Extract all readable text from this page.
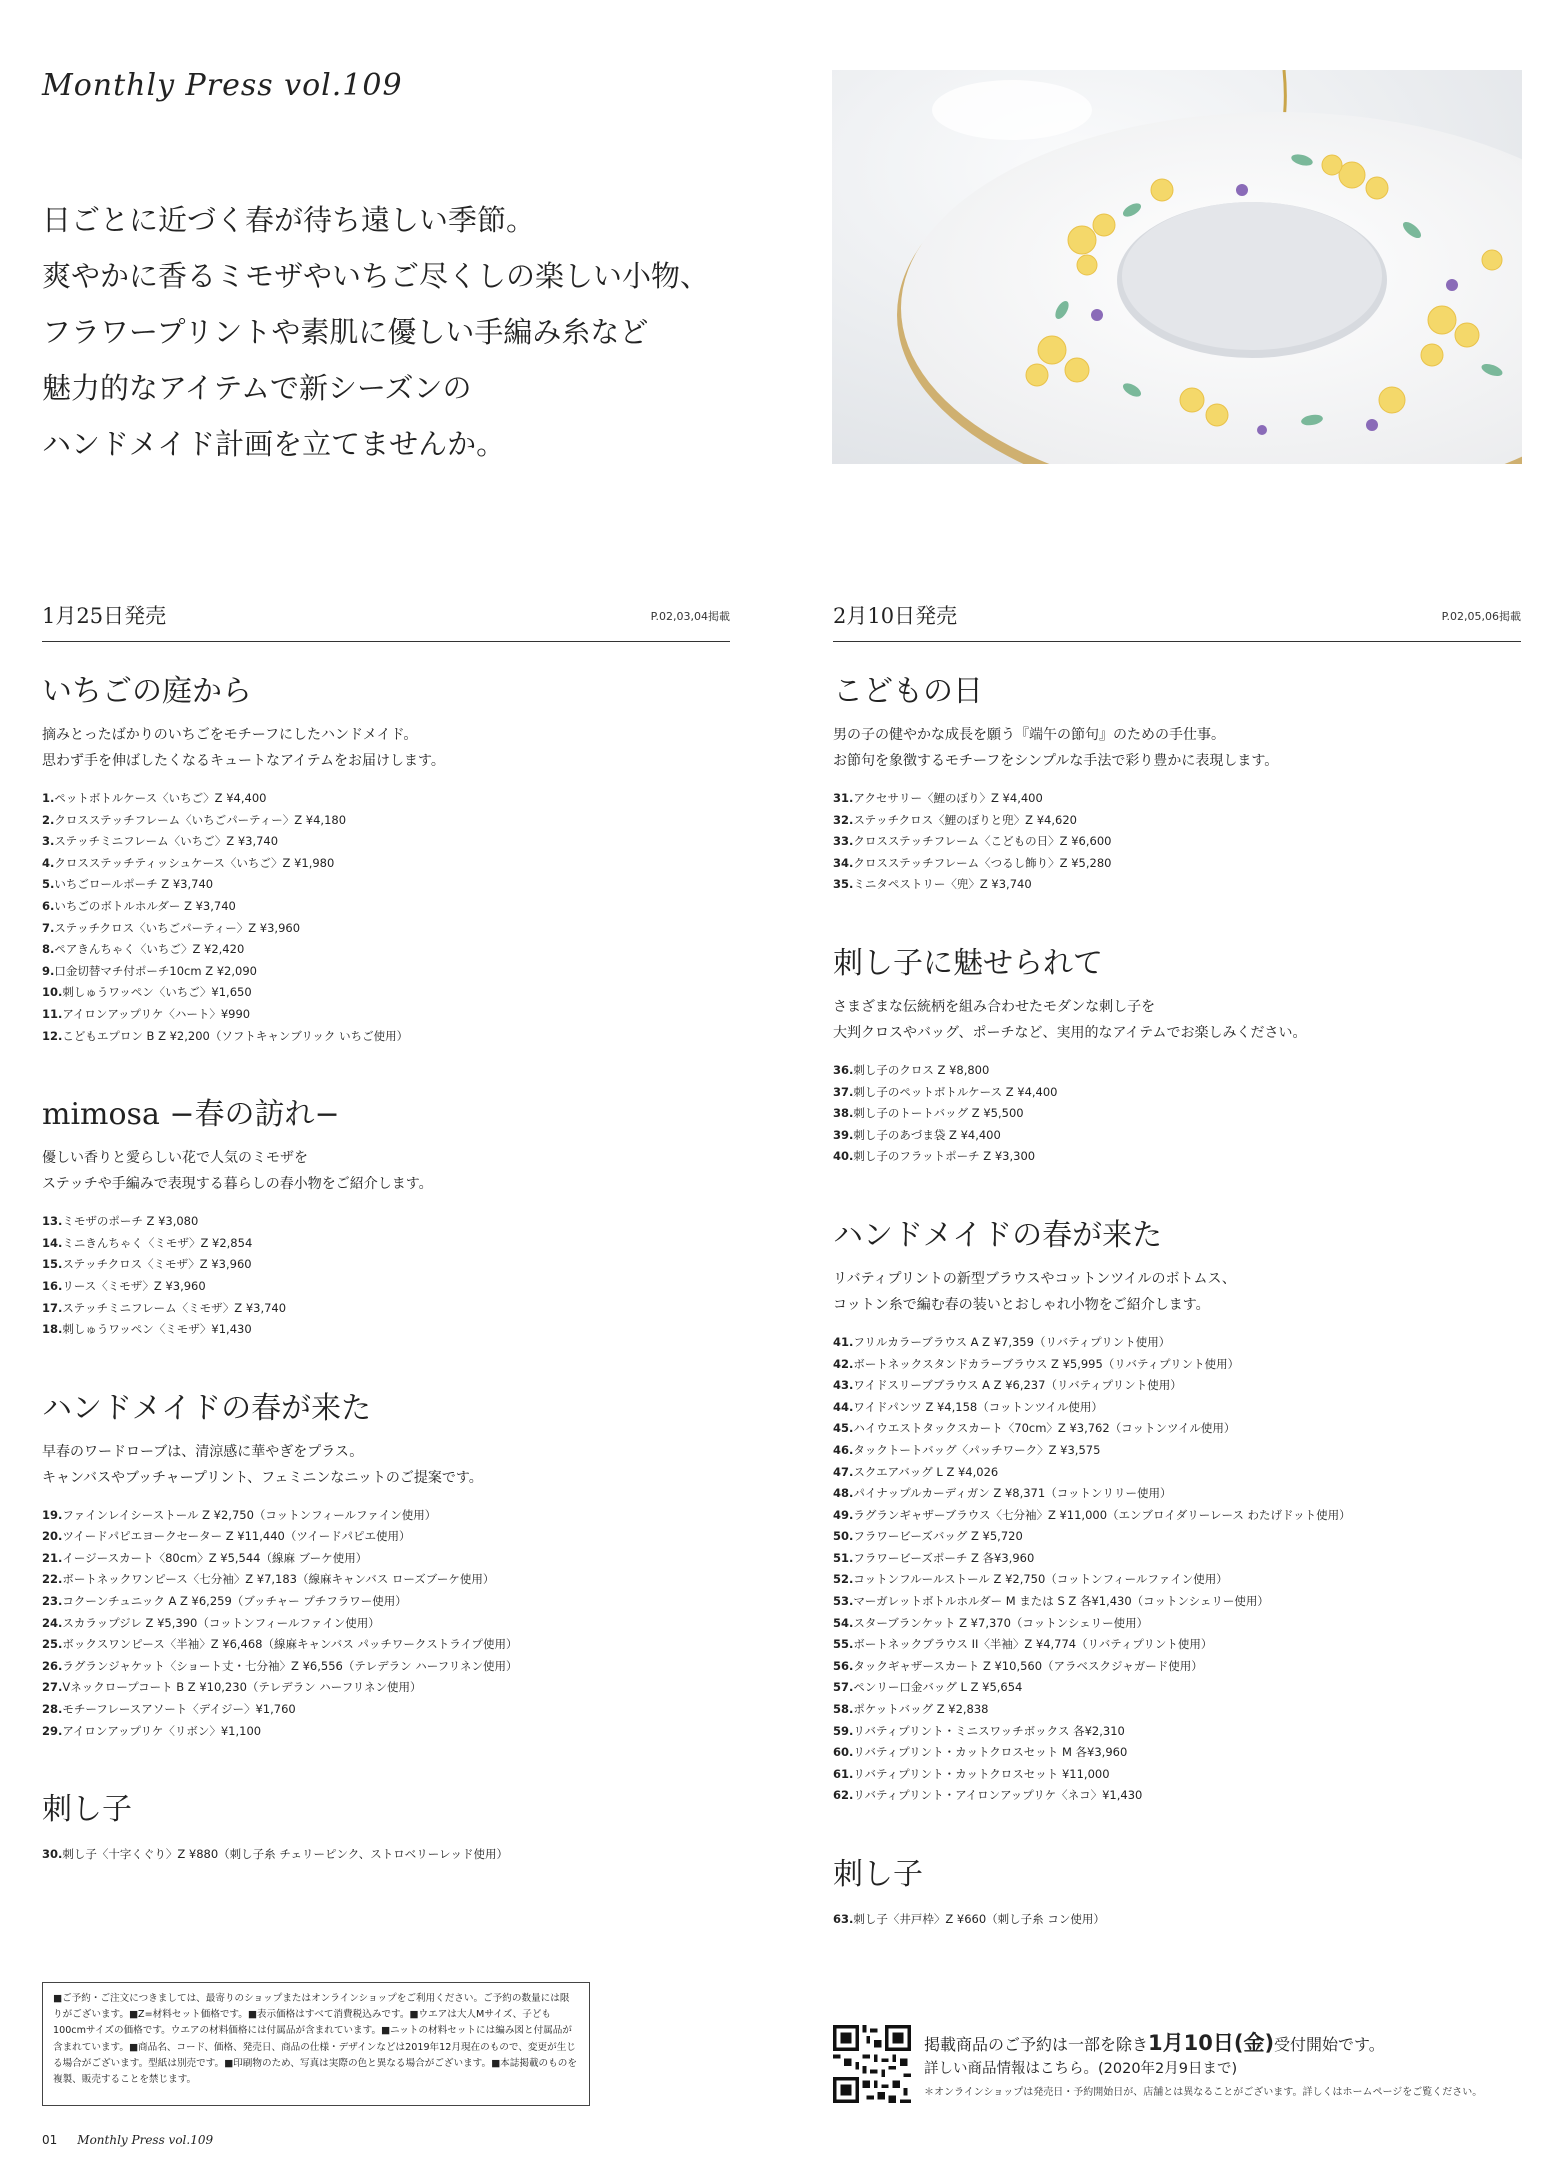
Monthly Press vol.109
日ごとに近づく春が待ち遠しい季節。
爽やかに香るミモザやいちご尽くしの楽しい小物、
フラワープリントや素肌に優しい手編み糸など
魅力的なアイテムで新シーズンの
ハンドメイド計画を立てませんか。
1月25日発売	P.02,03,04掲載
いちごの庭から
摘みとったばかりのいちごをモチーフにしたハンドメイド。
思わず手を伸ばしたくなるキュートなアイテムをお届けします。
1.ペットボトルケース〈いちご〉Z ¥4,400
2.クロスステッチフレーム〈いちごパーティー〉Z ¥4,180
3.ステッチミニフレーム〈いちご〉Z ¥3,740
4.クロスステッチティッシュケース〈いちご〉Z ¥1,980
5.いちごロールポーチ Z ¥3,740
6.いちごのボトルホルダー Z ¥3,740
7.ステッチクロス〈いちごパーティー〉Z ¥3,960
8.ペアきんちゃく〈いちご〉Z ¥2,420
9.口金切替マチ付ポーチ10cm Z ¥2,090
10.刺しゅうワッペン〈いちご〉¥1,650
11.アイロンアップリケ〈ハート〉¥990
12.こどもエプロン B Z ¥2,200（ソフトキャンブリック いちご使用）
mimosa −春の訪れ−
優しい香りと愛らしい花で人気のミモザを
ステッチや手編みで表現する暮らしの春小物をご紹介します。
13.ミモザのポーチ Z ¥3,080
14.ミニきんちゃく〈ミモザ〉Z ¥2,854
15.ステッチクロス〈ミモザ〉Z ¥3,960
16.リース〈ミモザ〉Z ¥3,960
17.ステッチミニフレーム〈ミモザ〉Z ¥3,740
18.刺しゅうワッペン〈ミモザ〉¥1,430
ハンドメイドの春が来た
早春のワードローブは、清涼感に華やぎをプラス。
キャンバスやブッチャープリント、フェミニンなニットのご提案です。
19.ファインレイシーストール Z ¥2,750（コットンフィールファイン使用）
20.ツイードパピエヨークセーター Z ¥11,440（ツイードパピエ使用）
21.イージースカート〈80cm〉Z ¥5,544（線麻 ブーケ使用）
22.ボートネックワンピース〈七分袖〉Z ¥7,183（線麻キャンバス ローズブーケ使用）
23.コクーンチュニック A Z ¥6,259（ブッチャー プチフラワー使用）
24.スカラップジレ Z ¥5,390（コットンフィールファイン使用）
25.ボックスワンピース〈半袖〉Z ¥6,468（線麻キャンバス パッチワークストライプ使用）
26.ラグランジャケット〈ショート丈・七分袖〉Z ¥6,556（テレデラン ハーフリネン使用）
27.Vネックロープコート B Z ¥10,230（テレデラン ハーフリネン使用）
28.モチーフレースアソート〈デイジー〉¥1,760
29.アイロンアップリケ〈リボン〉¥1,100
刺し子
30.刺し子〈十字くぐり〉Z ¥880（刺し子糸 チェリーピンク、ストロベリーレッド使用）
2月10日発売	P.02,05,06掲載
こどもの日
男の子の健やかな成長を願う『端午の節句』のための手仕事。
お節句を象徴するモチーフをシンプルな手法で彩り豊かに表現します。
31.アクセサリー〈鯉のぼり〉Z ¥4,400
32.ステッチクロス〈鯉のぼりと兜〉Z ¥4,620
33.クロスステッチフレーム〈こどもの日〉Z ¥6,600
34.クロスステッチフレーム〈つるし飾り〉Z ¥5,280
35.ミニタペストリー〈兜〉Z ¥3,740
刺し子に魅せられて
さまざまな伝統柄を組み合わせたモダンな刺し子を
大判クロスやバッグ、ポーチなど、実用的なアイテムでお楽しみください。
36.刺し子のクロス Z ¥8,800
37.刺し子のペットボトルケース Z ¥4,400
38.刺し子のトートバッグ Z ¥5,500
39.刺し子のあづま袋 Z ¥4,400
40.刺し子のフラットポーチ Z ¥3,300
ハンドメイドの春が来た
リバティプリントの新型ブラウスやコットンツイルのボトムス、
コットン糸で編む春の装いとおしゃれ小物をご紹介します。
41.フリルカラーブラウス A Z ¥7,359（リバティプリント使用）
42.ボートネックスタンドカラーブラウス Z ¥5,995（リバティプリント使用）
43.ワイドスリーブブラウス A Z ¥6,237（リバティプリント使用）
44.ワイドパンツ Z ¥4,158（コットンツイル使用）
45.ハイウエストタックスカート〈70cm〉Z ¥3,762（コットンツイル使用）
46.タックトートバッグ〈パッチワーク〉Z ¥3,575
47.スクエアバッグ L Z ¥4,026
48.パイナップルカーディガン Z ¥8,371（コットンリリー使用）
49.ラグランギャザーブラウス〈七分袖〉Z ¥11,000（エンブロイダリーレース わたげドット使用）
50.フラワービーズバッグ Z ¥5,720
51.フラワービーズポーチ Z 各¥3,960
52.コットンフルールストール Z ¥2,750（コットンフィールファイン使用）
53.マーガレットボトルホルダー M または S Z 各¥1,430（コットンシェリー使用）
54.スターブランケット Z ¥7,370（コットンシェリー使用）
55.ボートネックブラウス II〈半袖〉Z ¥4,774（リバティプリント使用）
56.タックギャザースカート Z ¥10,560（アラベスクジャガード使用）
57.ペンリー口金バッグ L Z ¥5,654
58.ポケットバッグ Z ¥2,838
59.リバティプリント・ミニスワッチボックス 各¥2,310
60.リバティプリント・カットクロスセット M 各¥3,960
61.リバティプリント・カットクロスセット ¥11,000
62.リバティプリント・アイロンアップリケ〈ネコ〉¥1,430
刺し子
63.刺し子〈井戸枠〉Z ¥660（刺し子糸 コン使用）
■ご予約・ご注文につきましては、最寄りのショップまたはオンラインショップをご利用ください。ご予約の数量には限りがございます。■Z=材料セット価格です。■表示価格はすべて消費税込みです。■ウエアは大人Mサイズ、子ども100cmサイズの価格です。ウエアの材料価格には付属品が含まれています。■ニットの材料セットには編み図と付属品が含まれています。■商品名、コード、価格、発売日、商品の仕様・デザインなどは2019年12月現在のもので、変更が生じる場合がございます。型紙は別売です。■印刷物のため、写真は実際の色と異なる場合がございます。■本誌掲載のものを複製、販売することを禁じます。
掲載商品のご予約は一部を除き1月10日(金)受付開始です。
詳しい商品情報はこちら。(2020年2月9日まで)
＊オンラインショップは発売日・予約開始日が、店舗とは異なることがございます。詳しくはホームページをご覧ください。
01 Monthly Press vol.109
